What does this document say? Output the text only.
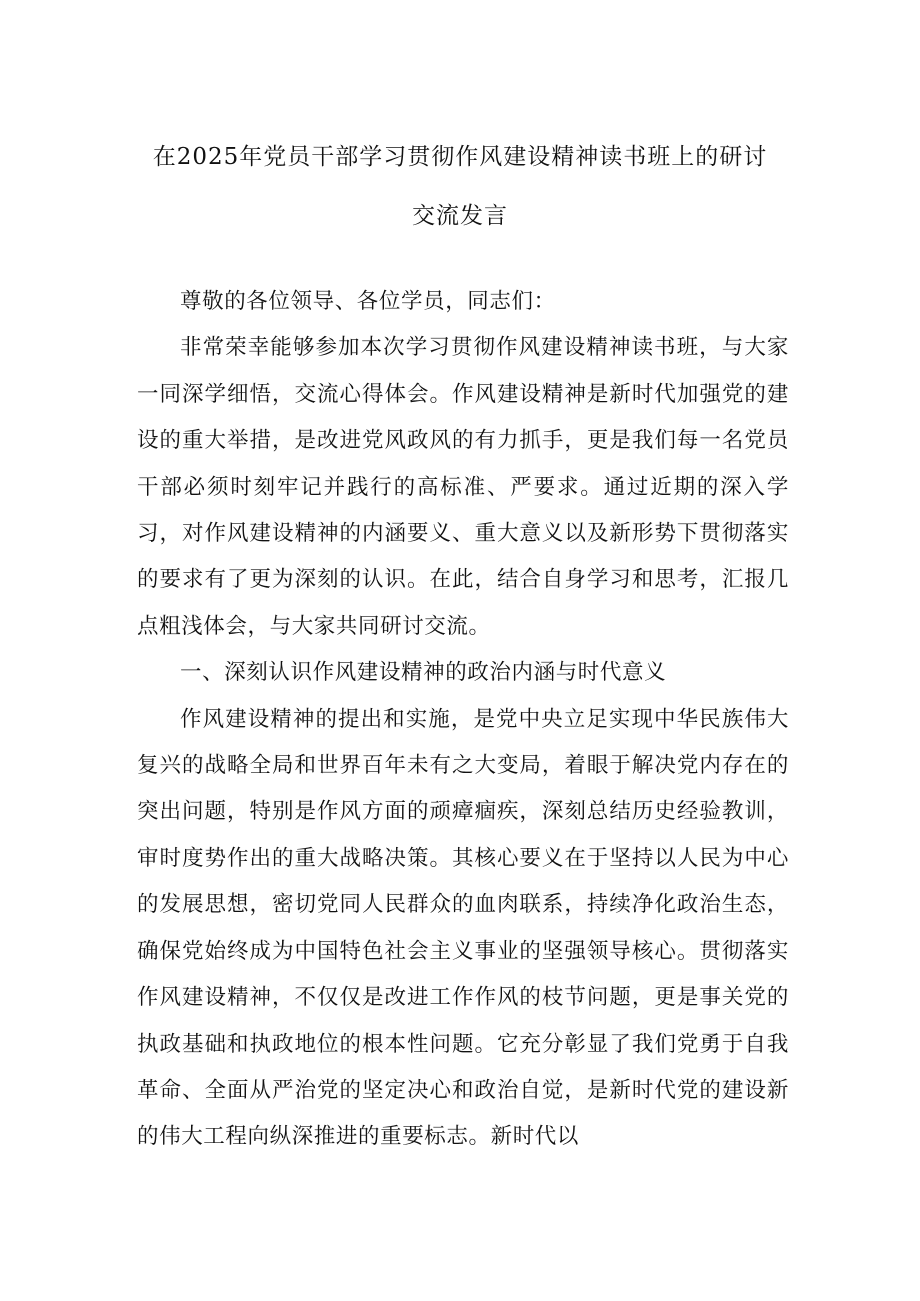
在2025年党员干部学习贯彻作风建设精神读书班上的研讨
交流发言

尊敬的各位领导、各位学员，同志们：

非常荣幸能够参加本次学习贯彻作风建设精神读书班，与大家一同深学细悟，交流心得体会。作风建设精神是新时代加强党的建设的重大举措，是改进党风政风的有力抓手，更是我们每一名党员干部必须时刻牢记并践行的高标准、严要求。通过近期的深入学习，对作风建设精神的内涵要义、重大意义以及新形势下贯彻落实的要求有了更为深刻的认识。在此，结合自身学习和思考，汇报几点粗浅体会，与大家共同研讨交流。

一、深刻认识作风建设精神的政治内涵与时代意义

作风建设精神的提出和实施，是党中央立足实现中华民族伟大复兴的战略全局和世界百年未有之大变局，着眼于解决党内存在的突出问题，特别是作风方面的顽瘴痼疾，深刻总结历史经验教训，审时度势作出的重大战略决策。其核心要义在于坚持以人民为中心的发展思想，密切党同人民群众的血肉联系，持续净化政治生态，确保党始终成为中国特色社会主义事业的坚强领导核心。贯彻落实作风建设精神，不仅仅是改进工作作风的枝节问题，更是事关党的执政基础和执政地位的根本性问题。它充分彰显了我们党勇于自我革命、全面从严治党的坚定决心和政治自觉，是新时代党的建设新的伟大工程向纵深推进的重要标志。新时代以
